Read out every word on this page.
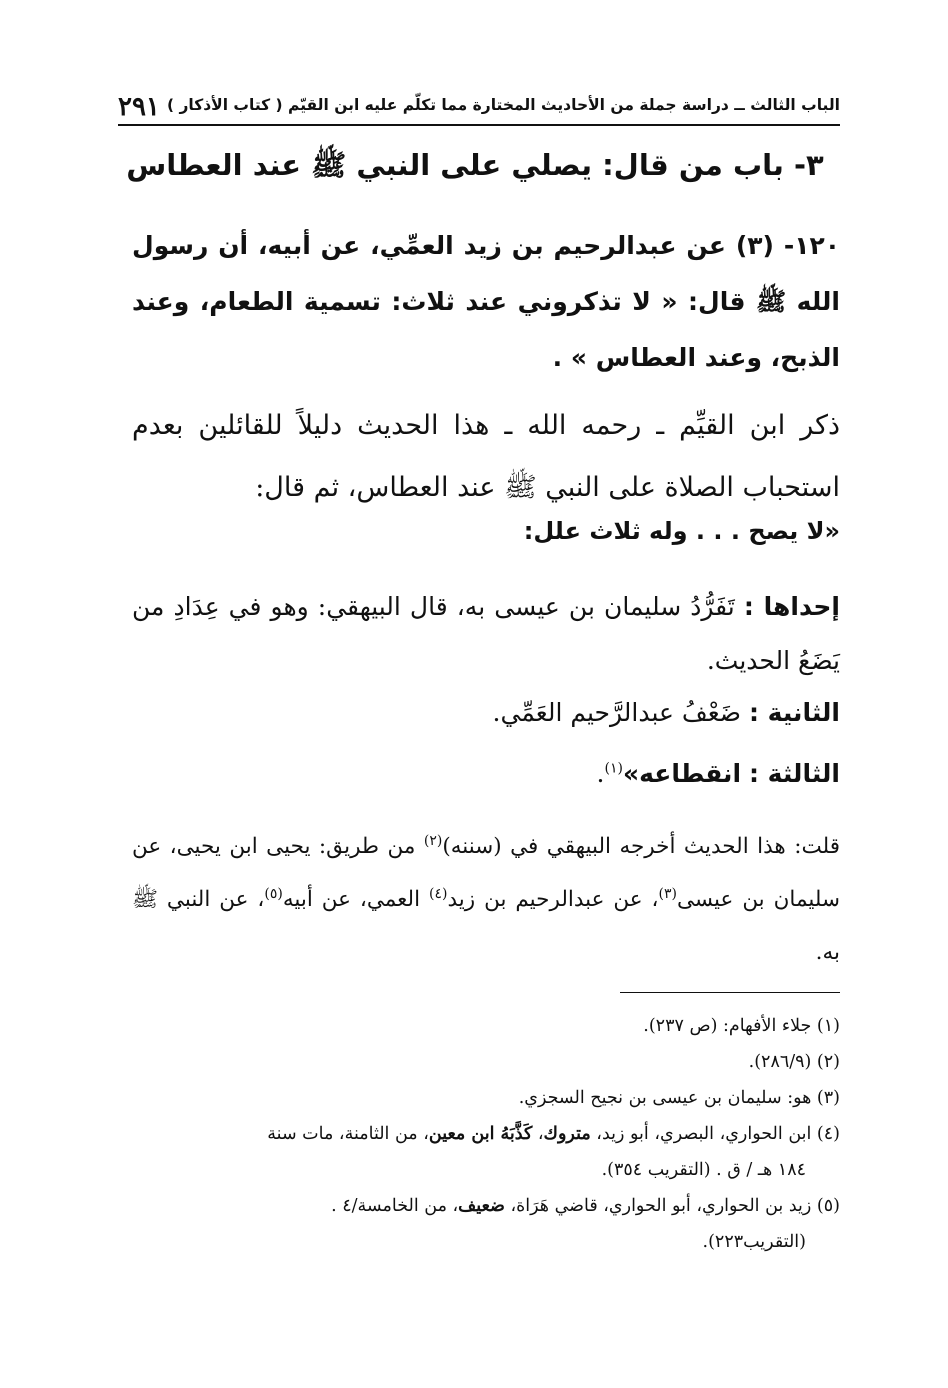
٢٩١ الباب الثالث ــ دراسة جملة من الأحاديث المختارة مما تكلّم عليه ابن القيّم ( كتاب الأذكار )
٣- باب من قال: يصلي على النبي ﷺ عند العطاس
١٢٠- (٣) عن عبدالرحيم بن زيد العمِّي، عن أبيه، أن رسول الله ﷺ قال: « لا تذكروني عند ثلاث: تسمية الطعام، وعند الذبح، وعند العطاس » .
ذكر ابن القيِّم ـ رحمه الله ـ هذا الحديث دليلاً للقائلين بعدم استحباب الصلاة على النبي ﷺ عند العطاس، ثم قال:
«لا يصح . . . وله ثلاث علل:
إحداها : تَفَرُّدُ سليمان بن عيسى به، قال البيهقي: وهو في عِدَادِ من يَضَعُ الحديث.
الثانية : ضَعْفُ عبدالرَّحيم العَمِّي.
الثالثة : انقطاعه»$^{(١)}$.
قلت: هذا الحديث أخرجه البيهقي في (سننه)$^{(٢)}$ من طريق: يحيى ابن يحيى، عن سليمان بن عيسى$^{(٣)}$، عن عبدالرحيم بن زيد$^{(٤)}$ العمي، عن أبيه$^{(٥)}$، عن النبي ﷺ به.

(١) جلاء الأفهام: (ص ٢٣٧).

(٢) (٢٨٦/٩).

(٣) هو: سليمان بن عيسى بن نجيح السجزي.

(٤) ابن الحواري، البصري، أبو زيد، متروك، كَذَّبَهُ ابن معين، من الثامنة، مات سنة
١٨٤ هـ / ق . (التقريب ٣٥٤).

(٥) زيد بن الحواري، أبو الحواري، قاضي هَرَاة، ضعيف، من الخامسة/٤ .
(التقريب٢٢٣).
